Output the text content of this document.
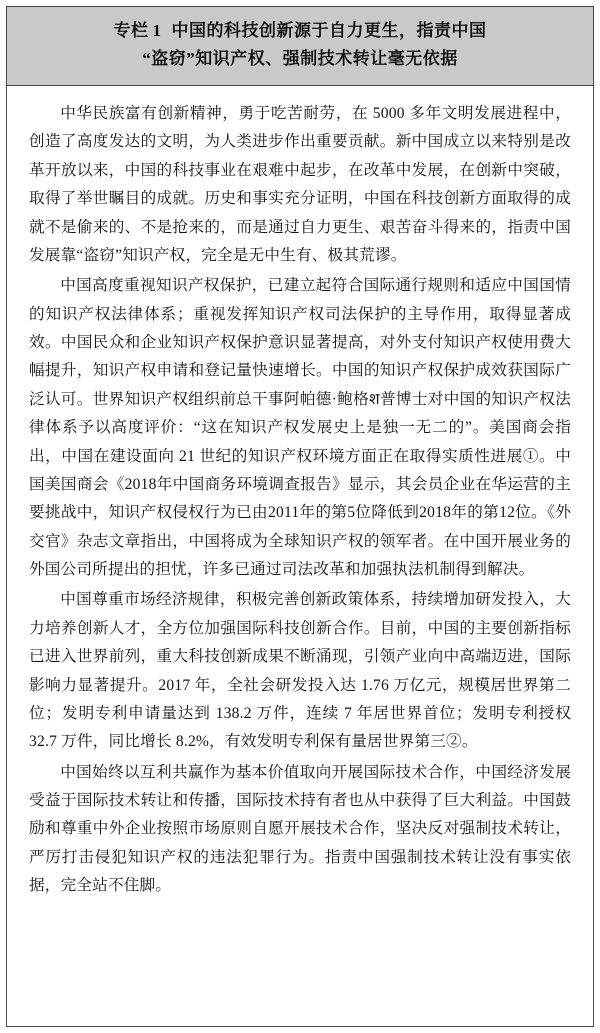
专栏 1 中国的科技创新源于自力更生，指责中国
“盗窃”知识产权、强制技术转让毫无依据

中华民族富有创新精神，勇于吃苦耐劳，在 5000 多年文明发展进程中，创造了高度发达的文明，为人类进步作出重要贡献。新中国成立以来特别是改革开放以来，中国的科技事业在艰难中起步，在改革中发展，在创新中突破，取得了举世瞩目的成就。历史和事实充分证明，中国在科技创新方面取得的成就不是偷来的、不是抢来的，而是通过自力更生、艰苦奋斗得来的，指责中国发展靠“盗窃”知识产权，完全是无中生有、极其荒谬。

中国高度重视知识产权保护，已建立起符合国际通行规则和适应中国国情的知识产权法律体系；重视发挥知识产权司法保护的主导作用，取得显著成效。中国民众和企业知识产权保护意识显著提高，对外支付知识产权使用费大幅提升，知识产权申请和登记量快速增长。中国的知识产权保护成效获国际广泛认可。世界知识产权组织前总干事阿帕德·鲍格श普博士对中国的知识产权法律体系予以高度评价：“这在知识产权发展史上是独一无二的”。美国商会指出，中国在建设面向 21 世纪的知识产权环境方面正在取得实质性进展①。中国美国商会《2018年中国商务环境调查报告》显示，其会员企业在华运营的主要挑战中，知识产权侵权行为已由2011年的第5位降低到2018年的第12位。《外交官》杂志文章指出，中国将成为全球知识产权的领军者。在中国开展业务的外国公司所提出的担忧，许多已通过司法改革和加强执法机制得到解决。

中国尊重市场经济规律，积极完善创新政策体系，持续增加研发投入，大力培养创新人才，全方位加强国际科技创新合作。目前，中国的主要创新指标已进入世界前列，重大科技创新成果不断涌现，引领产业向中高端迈进，国际影响力显著提升。2017 年，全社会研发投入达 1.76 万亿元，规模居世界第二位；发明专利申请量达到 138.2 万件，连续 7 年居世界首位；发明专利授权 32.7 万件，同比增长 8.2%，有效发明专利保有量居世界第三②。

中国始终以互利共赢作为基本价值取向开展国际技术合作，中国经济发展受益于国际技术转让和传播，国际技术持有者也从中获得了巨大利益。中国鼓励和尊重中外企业按照市场原则自愿开展技术合作，坚决反对强制技术转让，严厉打击侵犯知识产权的违法犯罪行为。指责中国强制技术转让没有事实依据，完全站不住脚。
